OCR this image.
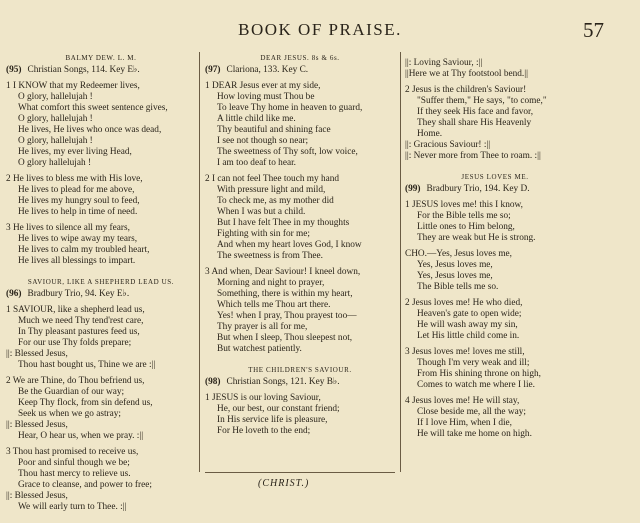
BOOK OF PRAISE.	57
BALMY DEW. L. M.
(95) Christian Songs, 114. Key E♭.
1 I KNOW that my Redeemer lives,
O glory, hallelujah !
What comfort this sweet sentence gives,
O glory, hallelujah !
He lives, He lives who once was dead,
O glory, hallelujah !
He lives, my ever living Head,
O glory hallelujah !
2 He lives to bless me with His love,
He lives to plead for me above,
He lives my hungry soul to feed,
He lives to help in time of need.
3 He lives to silence all my fears,
He lives to wipe away my tears,
He lives to calm my troubled heart,
He lives all blessings to impart.
SAVIOUR, LIKE A SHEPHERD LEAD US.
(96) Bradbury Trio, 94. Key E♭.
1 SAVIOUR, like a shepherd lead us,
Much we need Thy tend'rest care,
In Thy pleasant pastures feed us,
For our use Thy folds prepare;
||: Blessed Jesus,
Thou hast bought us, Thine we are :||
2 We are Thine, do Thou befriend us,
Be the Guardian of our way;
Keep Thy flock, from sin defend us,
Seek us when we go astray;
||: Blessed Jesus,
Hear, O hear us, when we pray. :||
3 Thou hast promised to receive us,
Poor and sinful though we be;
Thou hast mercy to relieve us.
Grace to cleanse, and power to free;
||: Blessed Jesus,
We will early turn to Thee. :||
DEAR JESUS. 8s & 6s.
(97) Clariona, 133. Key C.
1 DEAR Jesus ever at my side,
How loving must Thou be
To leave Thy home in heaven to guard,
A little child like me.
Thy beautiful and shining face
I see not though so near;
The sweetness of Thy soft, low voice,
I am too deaf to hear.
2 I can not feel Thee touch my hand
With pressure light and mild,
To check me, as my mother did
When I was but a child.
But I have felt Thee in my thoughts
Fighting with sin for me;
And when my heart loves God, I know
The sweetness is from Thee.
3 And when, Dear Saviour! I kneel down,
Morning and night to prayer,
Something, there is within my heart,
Which tells me Thou art there.
Yes! when I pray, Thou prayest too—
Thy prayer is all for me,
But when I sleep, Thou sleepest not,
But watchest patiently.
THE CHILDREN'S SAVIOUR.
(98) Christian Songs, 121. Key B♭.
1 JESUS is our loving Saviour,
He, our best, our constant friend;
In His service life is pleasure,
For He loveth to the end;
||: Loving Saviour, :||
||Here we at Thy footstool bend.||
2 Jesus is the children's Saviour!
"Suffer them," He says, "to come,"
If they seek His face and favor,
They shall share His Heavenly
Home.
||: Gracious Saviour! :||
||: Never more from Thee to roam. :||
JESUS LOVES ME.
(99) Bradbury Trio, 194. Key D.
1 JESUS loves me! this I know,
For the Bible tells me so;
Little ones to Him belong,
They are weak but He is strong.
CHO.—Yes, Jesus loves me,
Yes, Jesus loves me,
Yes, Jesus loves me,
The Bible tells me so.
2 Jesus loves me! He who died,
Heaven's gate to open wide;
He will wash away my sin,
Let His little child come in.
3 Jesus loves me! loves me still,
Though I'm very weak and ill;
From His shining throne on high,
Comes to watch me where I lie.
4 Jesus loves me! He will stay,
Close beside me, all the way;
If I love Him, when I die,
He will take me home on high.
(CHRIST.)
